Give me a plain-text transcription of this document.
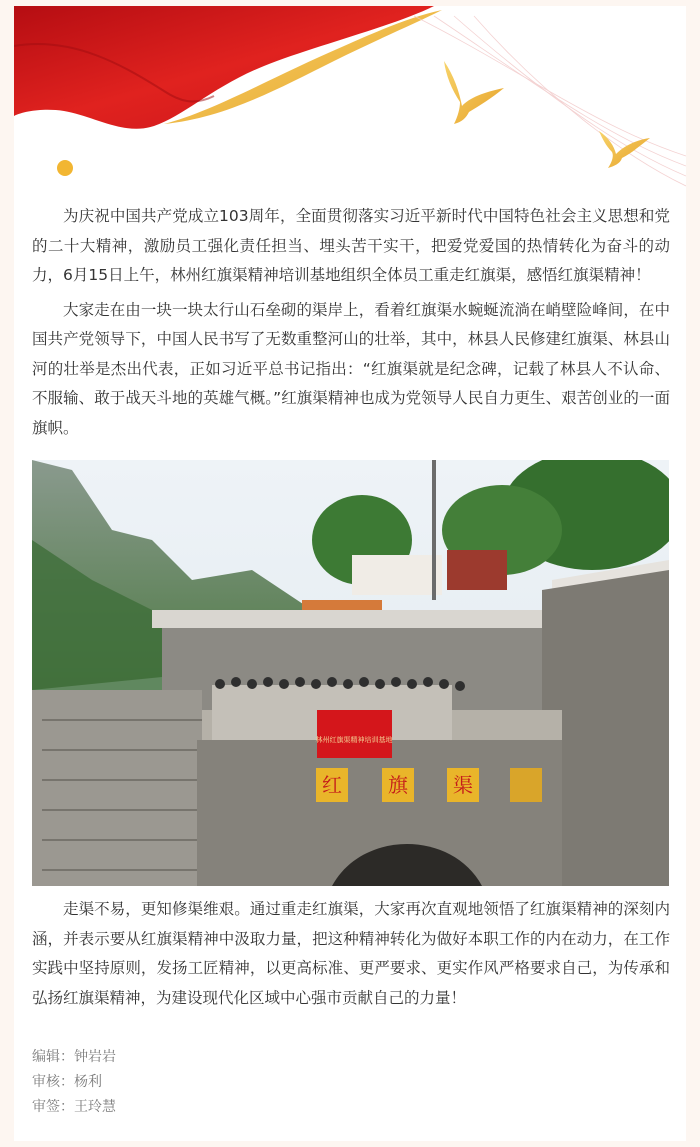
为庆祝中国共产党成立103周年，全面贯彻落实习近平新时代中国特色社会主义思想和党的二十大精神，激励员工强化责任担当、埋头苦干实干，把爱党爱国的热情转化为奋斗的动力，6月15日上午，林州红旗渠精神培训基地组织全体员工重走红旗渠，感悟红旗渠精神！

大家走在由一块一块太行山石垒砌的渠岸上，看着红旗渠水蜿蜒流淌在峭壁险峰间，在中国共产党领导下，中国人民书写了无数重整河山的壮举，其中，林县人民修建红旗渠、林县山河的壮举是杰出代表，正如习近平总书记指出：“红旗渠就是纪念碑，记载了林县人不认命、不服输、敢于战天斗地的英雄气概。”红旗渠精神也成为党领导人民自力更生、艰苦创业的一面旗帜。

林州红旗渠精神培训基地
红 旗 渠

走渠不易，更知修渠维艰。通过重走红旗渠，大家再次直观地领悟了红旗渠精神的深刻内涵，并表示要从红旗渠精神中汲取力量，把这种精神转化为做好本职工作的内在动力，在工作实践中坚持原则，发扬工匠精神，以更高标准、更严要求、更实作风严格要求自己，为传承和弘扬红旗渠精神，为建设现代化区域中心强市贡献自己的力量！

编辑：钟岩岩
审核：杨利
审签：王玲慧
